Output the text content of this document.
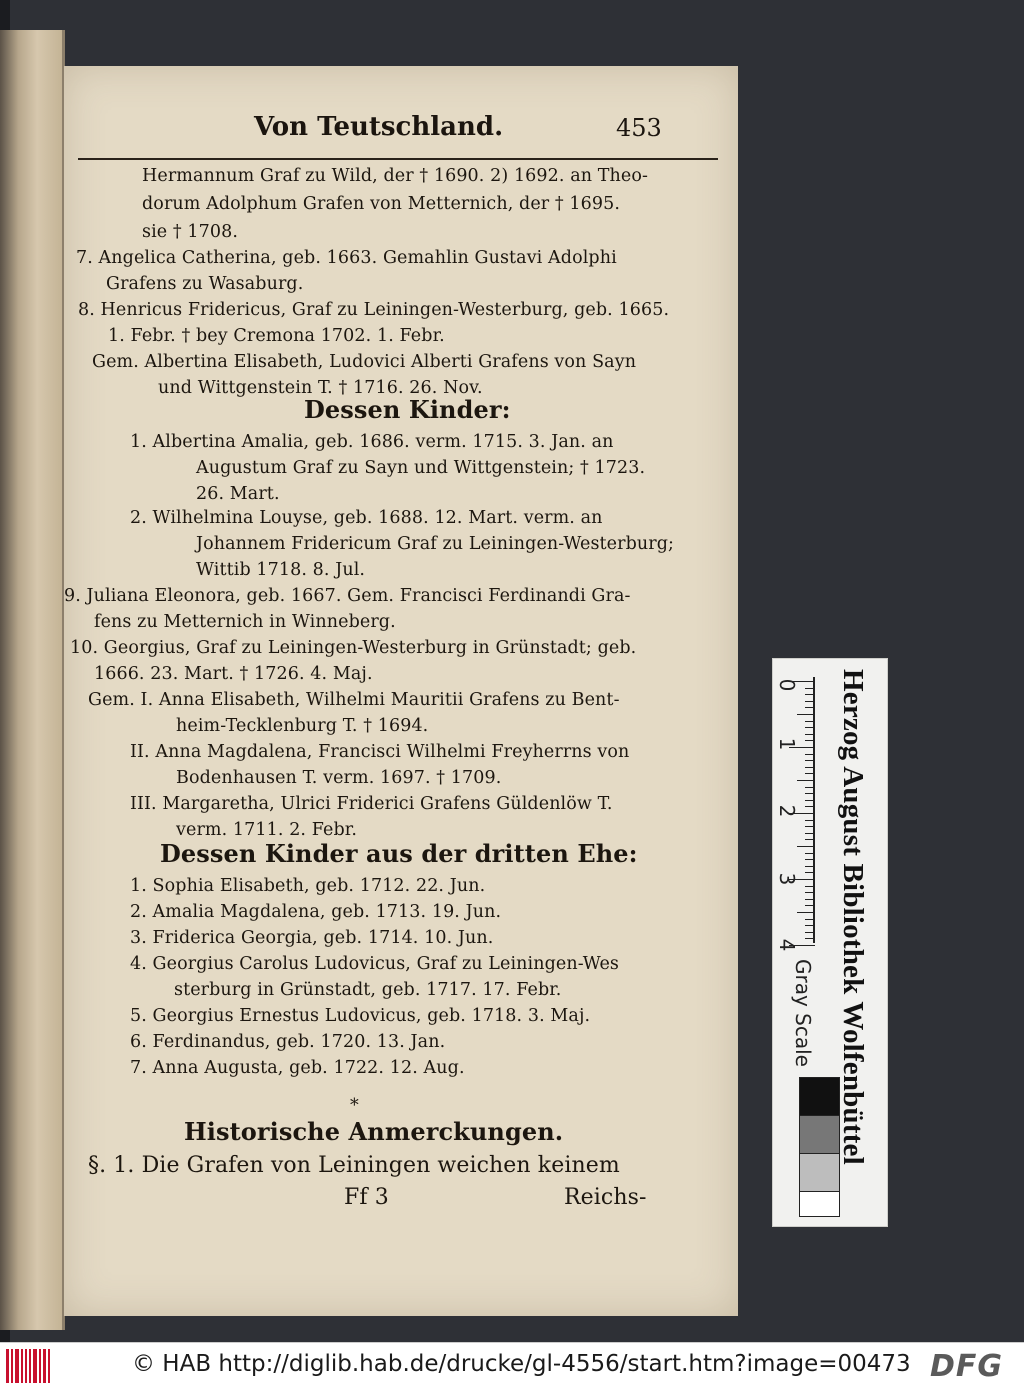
Von Teutschland.	453
Hermannum Graf zu Wild, der † 1690. 2) 1692. an Theo-
dorum Adolphum Grafen von Metternich, der † 1695.
sie † 1708.
7. Angelica Catherina, geb. 1663. Gemahlin Gustavi Adolphi
Grafens zu Wasaburg.
8. Henricus Fridericus, Graf zu Leiningen-Westerburg, geb. 1665.
1. Febr. † bey Cremona 1702. 1. Febr.
Gem. Albertina Elisabeth, Ludovici Alberti Grafens von Sayn
und Wittgenstein T. † 1716. 26. Nov.
Dessen Kinder:
1. Albertina Amalia, geb. 1686. verm. 1715. 3. Jan. an
Augustum Graf zu Sayn und Wittgenstein; † 1723.
26. Mart.
2. Wilhelmina Louyse, geb. 1688. 12. Mart. verm. an
Johannem Fridericum Graf zu Leiningen-Westerburg;
Wittib 1718. 8. Jul.
9. Juliana Eleonora, geb. 1667. Gem. Francisci Ferdinandi Gra-
fens zu Metternich in Winneberg.
10. Georgius, Graf zu Leiningen-Westerburg in Grünstadt; geb.
1666. 23. Mart. † 1726. 4. Maj.
Gem. I. Anna Elisabeth, Wilhelmi Mauritii Grafens zu Bent-
heim-Tecklenburg T. † 1694.
II. Anna Magdalena, Francisci Wilhelmi Freyherrns von
Bodenhausen T. verm. 1697. † 1709.
III. Margaretha, Ulrici Friderici Grafens Güldenlöw T.
verm. 1711. 2. Febr.
Dessen Kinder aus der dritten Ehe:
1. Sophia Elisabeth, geb. 1712. 22. Jun.
2. Amalia Magdalena, geb. 1713. 19. Jun.
3. Friderica Georgia, geb. 1714. 10. Jun.
4. Georgius Carolus Ludovicus, Graf zu Leiningen-Wes
sterburg in Grünstadt, geb. 1717. 17. Febr.
5. Georgius Ernestus Ludovicus, geb. 1718. 3. Maj.
6. Ferdinandus, geb. 1720. 13. Jan.
7. Anna Augusta, geb. 1722. 12. Aug.
*
Historische Anmerckungen.
§. 1. Die Grafen von Leiningen weichen keinem
Ff 3	Reichs-
0
1
2
3
4
Gray Scale Herzog August Bibliothek Wolfenbüttel
© HAB http://diglib.hab.de/drucke/gl-4556/start.htm?image=00473 DFG
